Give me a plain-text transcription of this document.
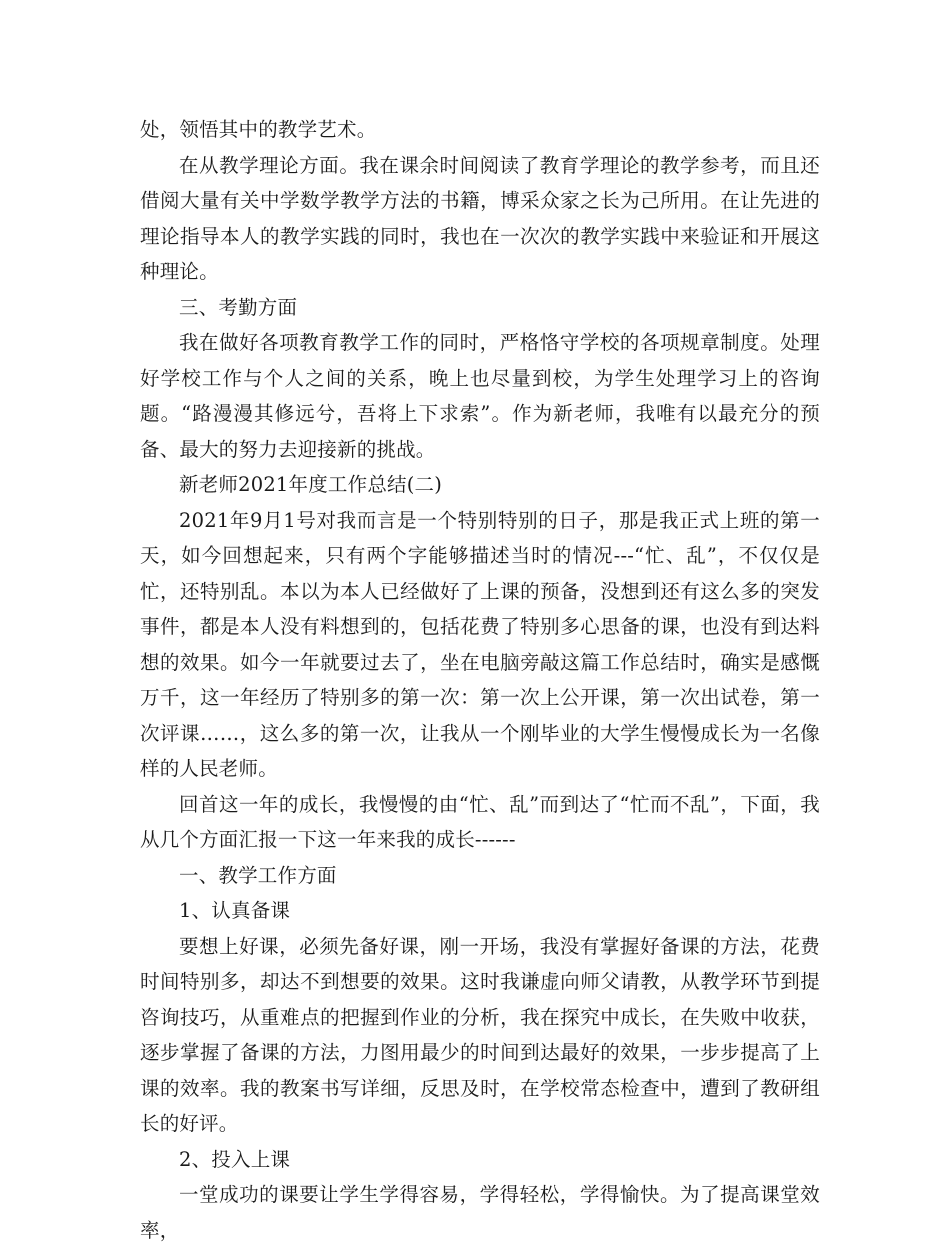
处，领悟其中的教学艺术。

在从教学理论方面。我在课余时间阅读了教育学理论的教学参考，而且还借阅大量有关中学数学教学方法的书籍，博采众家之长为己所用。在让先进的理论指导本人的教学实践的同时，我也在一次次的教学实践中来验证和开展这种理论。

三、考勤方面

我在做好各项教育教学工作的同时，严格恪守学校的各项规章制度。处理好学校工作与个人之间的关系，晚上也尽量到校，为学生处理学习上的咨询题。“路漫漫其修远兮，吾将上下求索”。作为新老师，我唯有以最充分的预备、最大的努力去迎接新的挑战。

新老师2021年度工作总结(二)

2021年9月1号对我而言是一个特别特别的日子，那是我正式上班的第一天，如今回想起来，只有两个字能够描述当时的情况---“忙、乱”，不仅仅是忙，还特别乱。本以为本人已经做好了上课的预备，没想到还有这么多的突发事件，都是本人没有料想到的，包括花费了特别多心思备的课，也没有到达料想的效果。如今一年就要过去了，坐在电脑旁敲这篇工作总结时，确实是感慨万千，这一年经历了特别多的第一次：第一次上公开课，第一次出试卷，第一次评课……，这么多的第一次，让我从一个刚毕业的大学生慢慢成长为一名像样的人民老师。

回首这一年的成长，我慢慢的由“忙、乱”而到达了“忙而不乱”，下面，我从几个方面汇报一下这一年来我的成长------

一、教学工作方面

1、认真备课

要想上好课，必须先备好课，刚一开场，我没有掌握好备课的方法，花费时间特别多，却达不到想要的效果。这时我谦虚向师父请教，从教学环节到提咨询技巧，从重难点的把握到作业的分析，我在探究中成长，在失败中收获，逐步掌握了备课的方法，力图用最少的时间到达最好的效果，一步步提高了上课的效率。我的教案书写详细，反思及时，在学校常态检查中，遭到了教研组长的好评。

2、投入上课

一堂成功的课要让学生学得容易，学得轻松，学得愉快。为了提高课堂效率，
